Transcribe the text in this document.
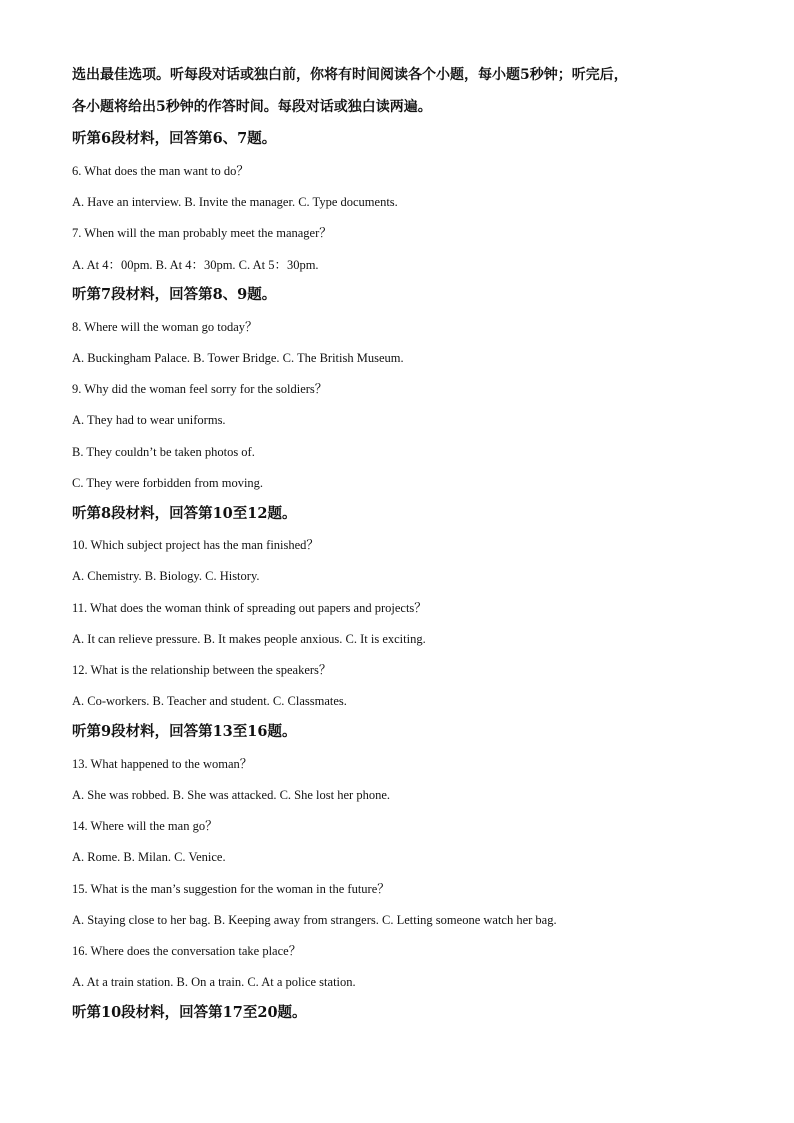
选出最佳选项。听每段对话或独白前，你将有时间阅读各个小题，每小题5秒钟；听完后，
各小题将给出5秒钟的作答时间。每段对话或独白读两遍。
听第6段材料，回答第6、7题。
6. What does the man want to do？
A. Have an interview. B. Invite the manager. C. Type documents.
7. When will the man probably meet the manager？
A. At 4：00pm. B. At 4：30pm. C. At 5：30pm.
听第7段材料，回答第8、9题。
8. Where will the woman go today？
A. Buckingham Palace. B. Tower Bridge. C. The British Museum.
9. Why did the woman feel sorry for the soldiers？
A. They had to wear uniforms.
B. They couldn’t be taken photos of.
C. They were forbidden from moving.
听第8段材料，回答第10至12题。
10. Which subject project has the man finished？
A. Chemistry. B. Biology. C. History.
11. What does the woman think of spreading out papers and projects？
A. It can relieve pressure. B. It makes people anxious. C. It is exciting.
12. What is the relationship between the speakers？
A. Co-workers. B. Teacher and student. C. Classmates.
听第9段材料，回答第13至16题。
13. What happened to the woman？
A. She was robbed. B. She was attacked. C. She lost her phone.
14. Where will the man go？
A. Rome. B. Milan. C. Venice.
15. What is the man’s suggestion for the woman in the future？
A. Staying close to her bag. B. Keeping away from strangers. C. Letting someone watch her bag.
16. Where does the conversation take place？
A. At a train station. B. On a train. C. At a police station.
听第10段材料，回答第17至20题。
